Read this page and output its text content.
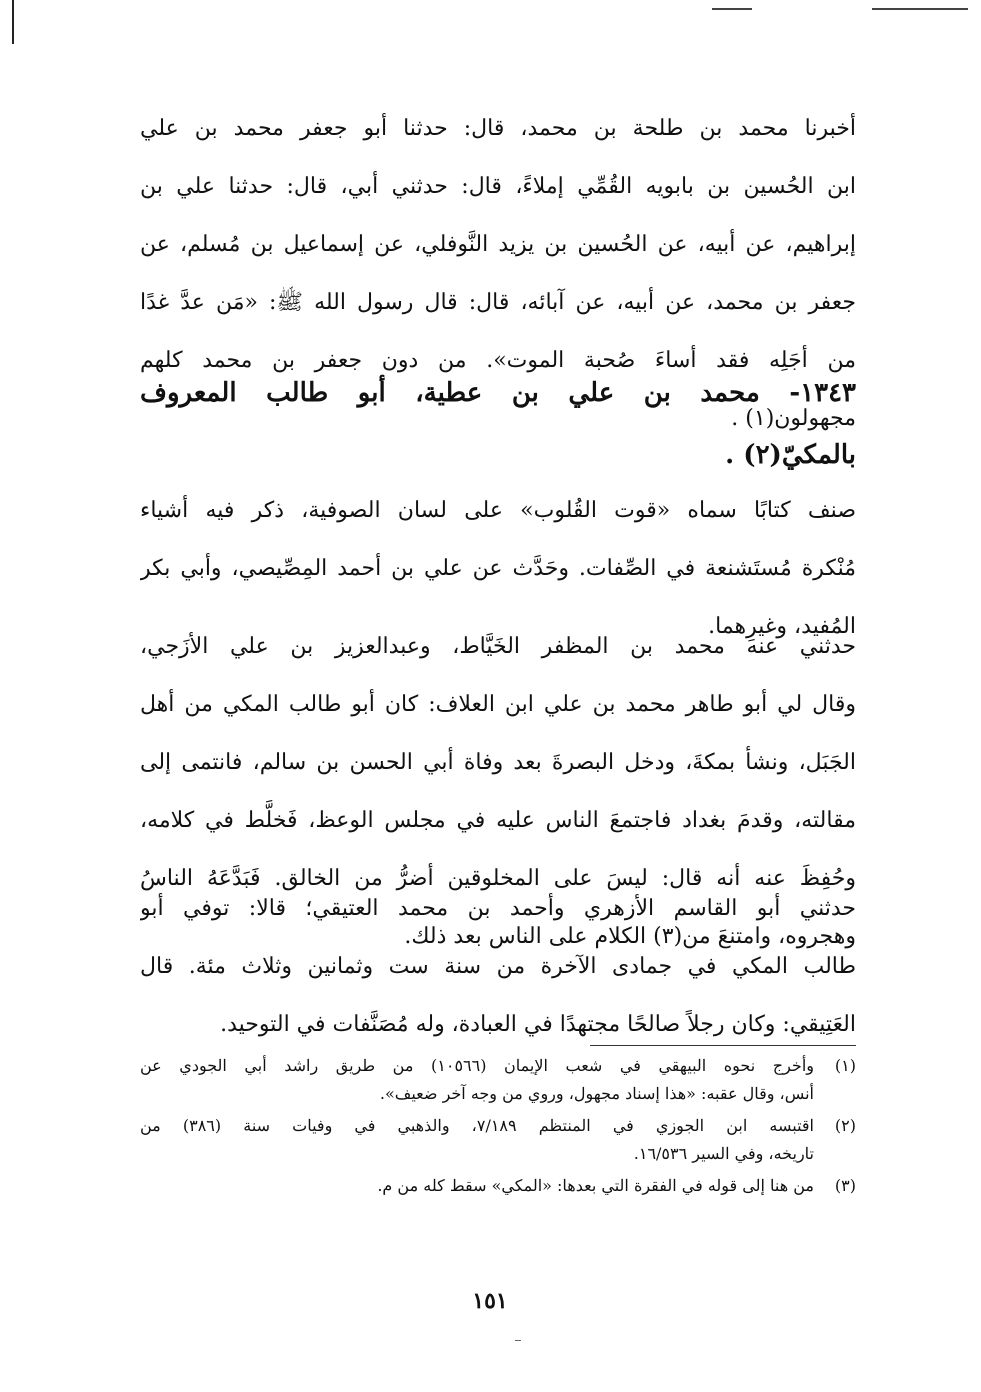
أخبرنا محمد بن طلحة بن محمد، قال: حدثنا أبو جعفر محمد بن علي
ابن الحُسين بن بابويه القُمِّي إملاءً، قال: حدثني أبي، قال: حدثنا علي بن
إبراهيم، عن أبيه، عن الحُسين بن يزيد النَّوفلي، عن إسماعيل بن مُسلم، عن
جعفر بن محمد، عن أبيه، عن آبائه، قال: قال رسول الله ﷺ: «مَن عدَّ غدًا
من أجَلِه فقد أساءَ صُحبة الموت». من دون جعفر بن محمد كلهم
مجهولون(١) .
١٣٤٣- محمد بن علي بن عطية، أبو طالب المعروف
بالمكيّ(٢) .
صنف كتابًا سماه «قوت القُلوب» على لسان الصوفية، ذكر فيه أشياء
مُنْكرة مُستَشنعة في الصِّفات. وحَدَّث عن علي بن أحمد المِصِّيصي، وأبي بكر
المُفيد، وغيرِهما.
حدثني عنه محمد بن المظفر الخَيَّاط، وعبدالعزيز بن علي الأزَجي،
وقال لي أبو طاهر محمد بن علي ابن العلاف: كان أبو طالب المكي من أهل
الجَبَل، ونشأ بمكةَ، ودخل البصرةَ بعد وفاة أبي الحسن بن سالم، فانتمى إلى
مقالته، وقدمَ بغداد فاجتمعَ الناس عليه في مجلس الوعظ، فَخلَّط في كلامه،
وحُفِظَ عنه أنه قال: ليسَ على المخلوقين أضرُّ من الخالق. فَبَدَّعَهُ الناسُ
وهجروه، وامتنعَ من(٣) الكلام على الناس بعد ذلك.
حدثني أبو القاسم الأزهري وأحمد بن محمد العتيقي؛ قالا: توفي أبو
طالب المكي في جمادى الآخرة من سنة ست وثمانين وثلاث مئة. قال
العَتِيقي: وكان رجلاً صالحًا مجتهدًا في العبادة، وله مُصَنَّفات في التوحيد.
(١)
وأخرج نحوه البيهقي في شعب الإيمان (١٠٥٦٦) من طريق راشد أبي الجودي عن
أنس، وقال عقبه: «هذا إسناد مجهول، وروي من وجه آخر ضعيف».
(٢)
اقتبسه ابن الجوزي في المنتظم ٧/١٨٩، والذهبي في وفيات سنة (٣٨٦) من
تاريخه، وفي السير ١٦/٥٣٦.
(٣)
من هنا إلى قوله في الفقرة التي بعدها: «المكي» سقط كله من م.
١٥١
